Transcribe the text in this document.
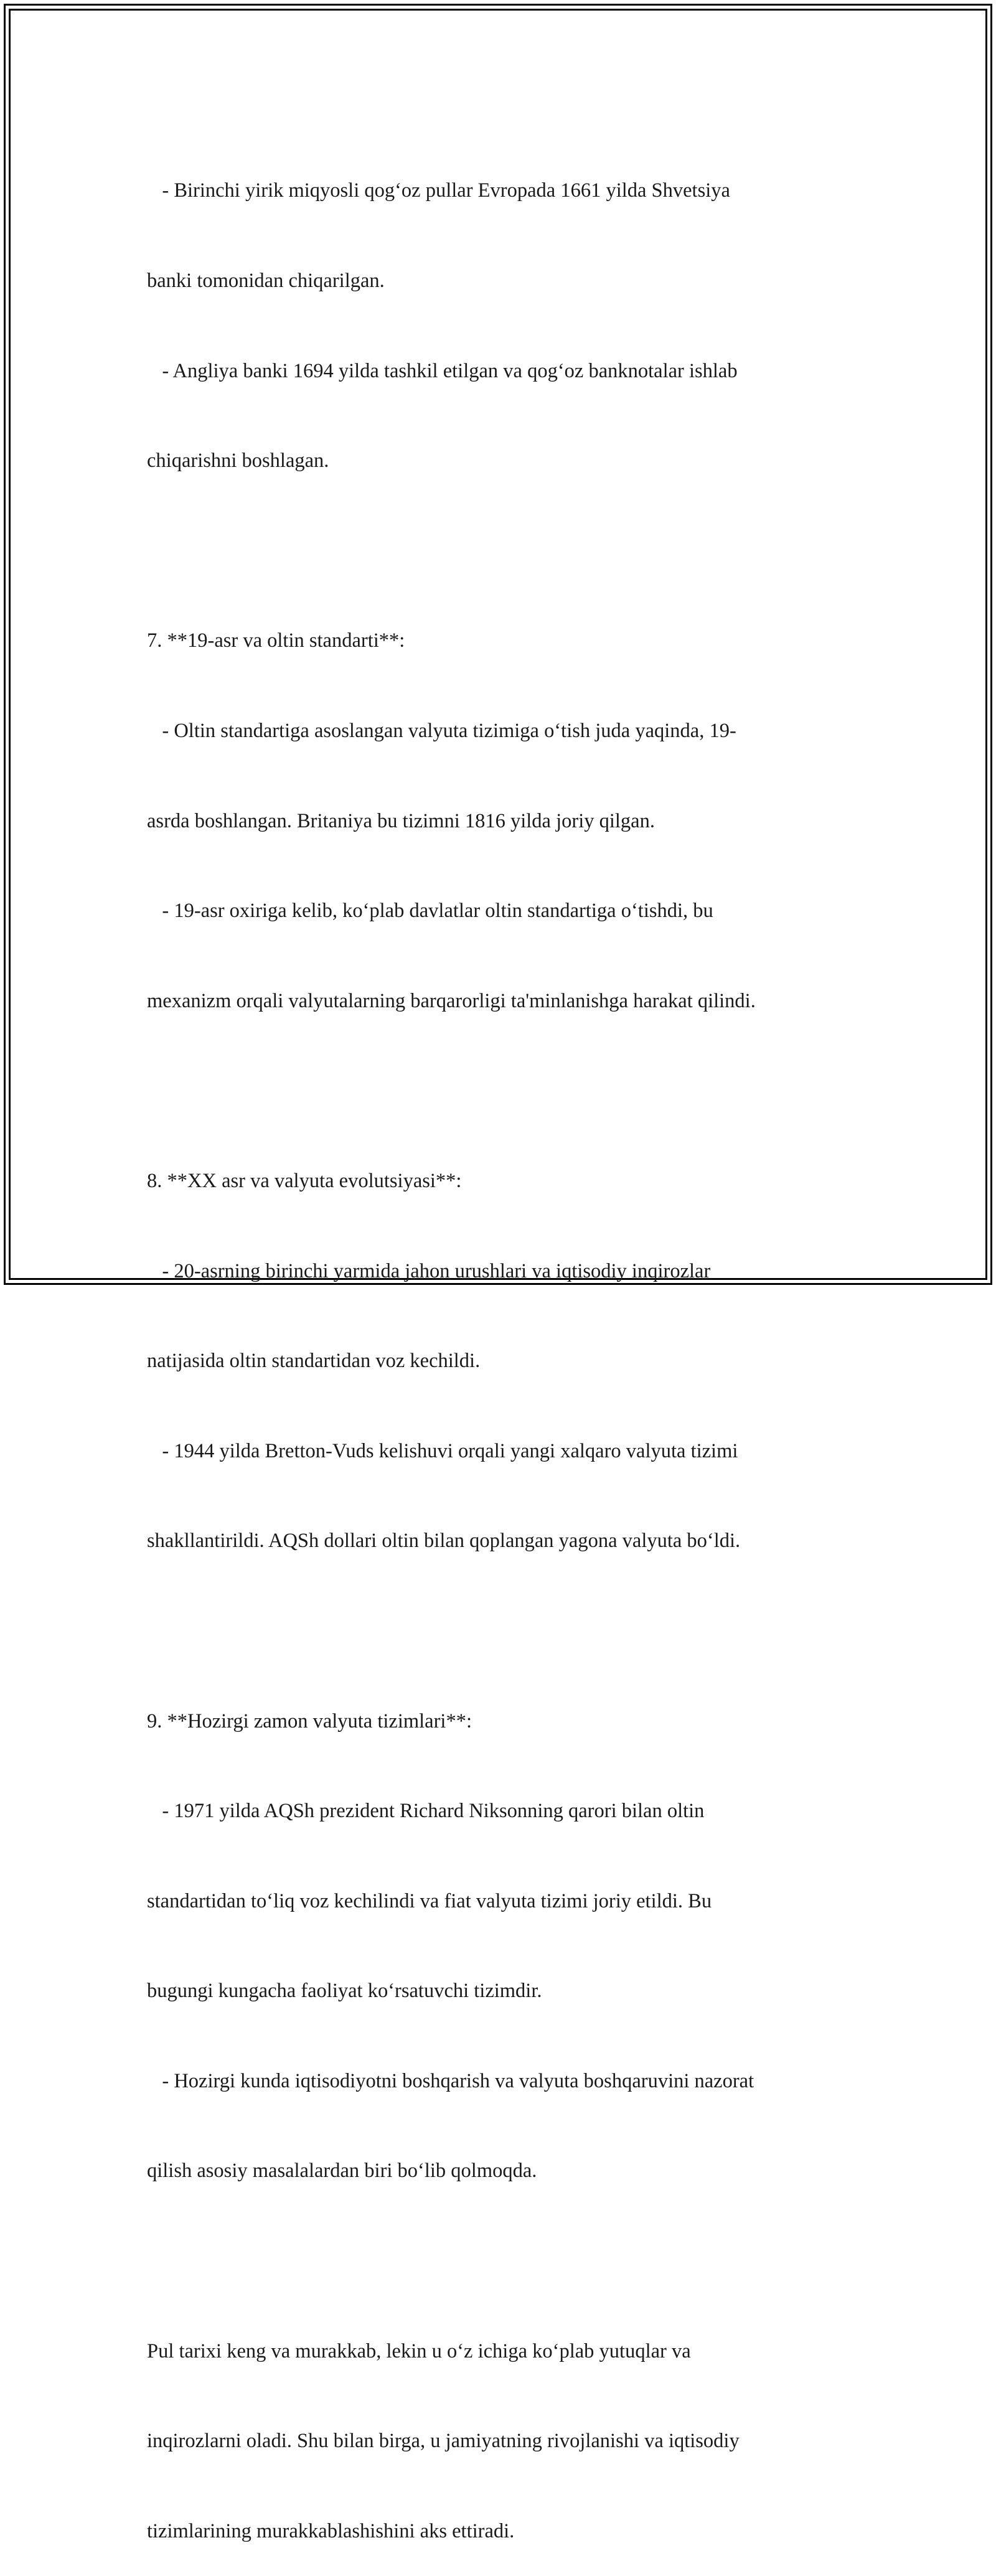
- Birinchi yirik miqyosli qog‘oz pullar Evropada 1661 yilda Shvetsiya

banki tomonidan chiqarilgan.

- Angliya banki 1694 yilda tashkil etilgan va qog‘oz banknotalar ishlab

chiqarishni boshlagan.

7. **19-asr va oltin standarti**:

- Oltin standartiga asoslangan valyuta tizimiga o‘tish juda yaqinda, 19-

asrda boshlangan. Britaniya bu tizimni 1816 yilda joriy qilgan.

- 19-asr oxiriga kelib, ko‘plab davlatlar oltin standartiga o‘tishdi, bu

mexanizm orqali valyutalarning barqarorligi ta'minlanishga harakat qilindi.

8. **XX asr va valyuta evolutsiyasi**:

- 20-asrning birinchi yarmida jahon urushlari va iqtisodiy inqirozlar

natijasida oltin standartidan voz kechildi.

- 1944 yilda Bretton-Vuds kelishuvi orqali yangi xalqaro valyuta tizimi

shakllantirildi. AQSh dollari oltin bilan qoplangan yagona valyuta bo‘ldi.

9. **Hozirgi zamon valyuta tizimlari**:

- 1971 yilda AQSh prezident Richard Niksonning qarori bilan oltin

standartidan to‘liq voz kechilindi va fiat valyuta tizimi joriy etildi. Bu

bugungi kungacha faoliyat ko‘rsatuvchi tizimdir.

- Hozirgi kunda iqtisodiyotni boshqarish va valyuta boshqaruvini nazorat

qilish asosiy masalalardan biri bo‘lib qolmoqda.

Pul tarixi keng va murakkab, lekin u o‘z ichiga ko‘plab yutuqlar va

inqirozlarni oladi. Shu bilan birga, u jamiyatning rivojlanishi va iqtisodiy

tizimlarining murakkablashishini aks ettiradi.
